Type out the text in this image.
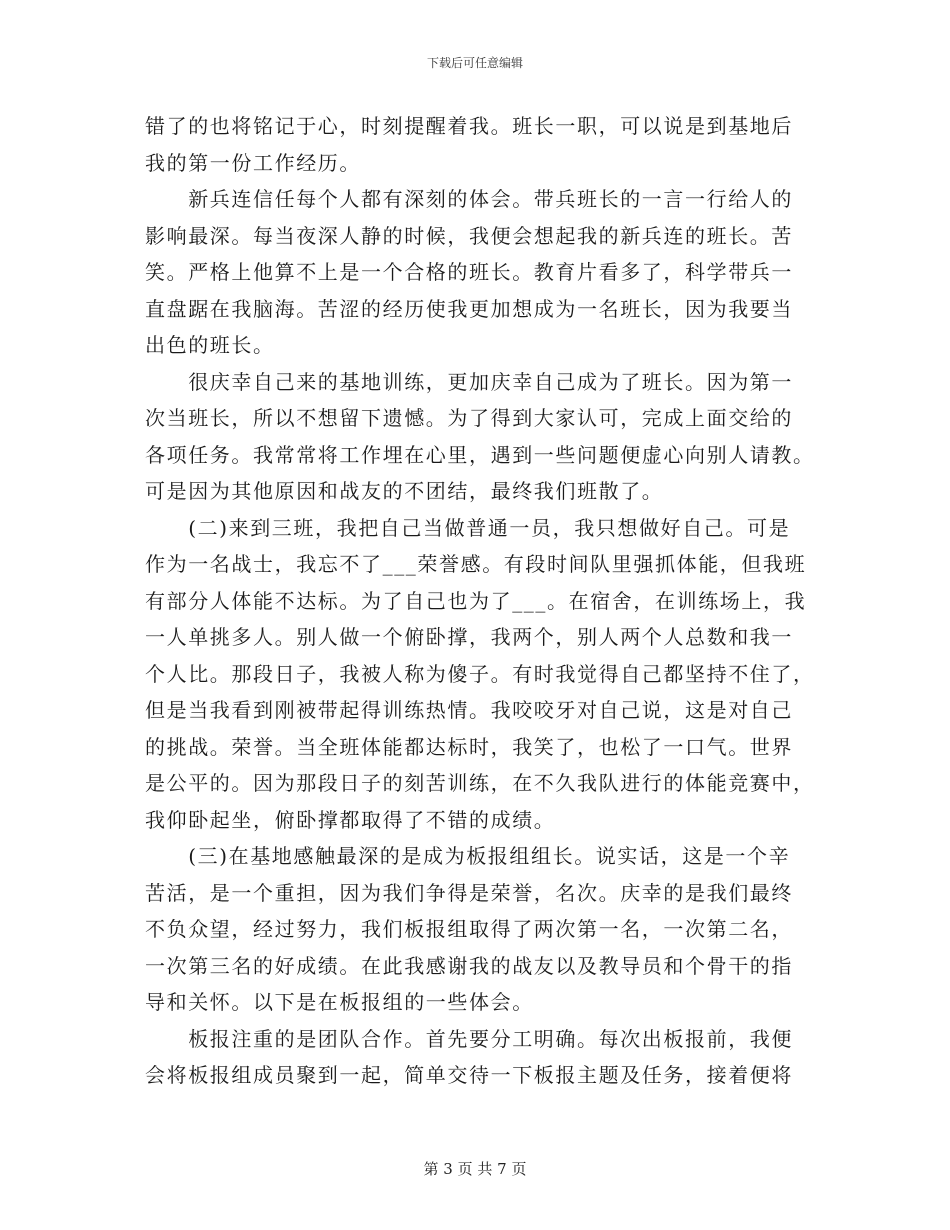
下载后可任意编辑
错了的也将铭记于心，时刻提醒着我。班长一职，可以说是到基地后
我的第一份工作经历。
　　新兵连信任每个人都有深刻的体会。带兵班长的一言一行给人的
影响最深。每当夜深人静的时候，我便会想起我的新兵连的班长。苦
笑。严格上他算不上是一个合格的班长。教育片看多了，科学带兵一
直盘踞在我脑海。苦涩的经历使我更加想成为一名班长，因为我要当
出色的班长。
　　很庆幸自己来的基地训练，更加庆幸自己成为了班长。因为第一
次当班长，所以不想留下遗憾。为了得到大家认可，完成上面交给的
各项任务。我常常将工作埋在心里，遇到一些问题便虚心向别人请教。
可是因为其他原因和战友的不团结，最终我们班散了。
　　(二)来到三班，我把自己当做普通一员，我只想做好自己。可是
作为一名战士，我忘不了___荣誉感。有段时间队里强抓体能，但我班
有部分人体能不达标。为了自己也为了___。在宿舍，在训练场上，我
一人单挑多人。别人做一个俯卧撑，我两个，别人两个人总数和我一
个人比。那段日子，我被人称为傻子。有时我觉得自己都坚持不住了，
但是当我看到刚被带起得训练热情。我咬咬牙对自己说，这是对自己
的挑战。荣誉。当全班体能都达标时，我笑了，也松了一口气。世界
是公平的。因为那段日子的刻苦训练，在不久我队进行的体能竞赛中，
我仰卧起坐，俯卧撑都取得了不错的成绩。
　　(三)在基地感触最深的是成为板报组组长。说实话，这是一个辛
苦活，是一个重担，因为我们争得是荣誉，名次。庆幸的是我们最终
不负众望，经过努力，我们板报组取得了两次第一名，一次第二名，
一次第三名的好成绩。在此我感谢我的战友以及教导员和个骨干的指
导和关怀。以下是在板报组的一些体会。
　　板报注重的是团队合作。首先要分工明确。每次出板报前，我便
会将板报组成员聚到一起，简单交待一下板报主题及任务，接着便将
第 3 页 共 7 页
